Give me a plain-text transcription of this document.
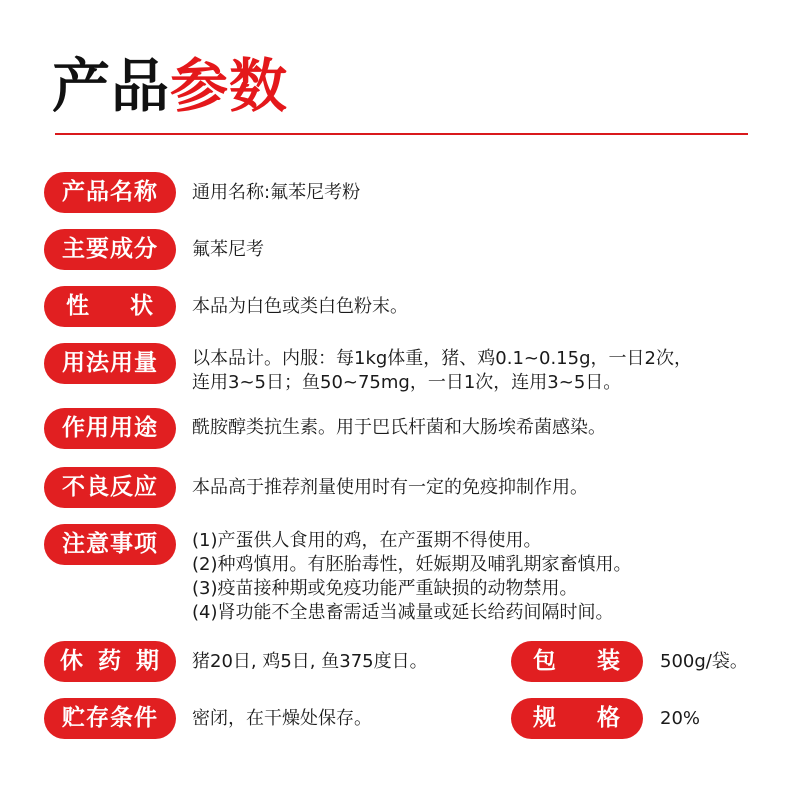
产品参数
产品名称	通用名称:氟苯尼考粉
主要成分	氟苯尼考
性 状 本品为白色或类白色粉末。
用法用量	以本品计。内服：每1kg体重，猪、鸡0.1~0.15g，一日2次，
连用3~5日；鱼50~75mg，一日1次，连用3~5日。
作用用途	酰胺醇类抗生素。用于巴氏杆菌和大肠埃希菌感染。
不良反应	本品高于推荐剂量使用时有一定的免疫抑制作用。
注意事项	(1)产蛋供人食用的鸡，在产蛋期不得使用。
(2)种鸡慎用。有胚胎毒性，妊娠期及哺乳期家畜慎用。
(3)疫苗接种期或免疫功能严重缺损的动物禁用。
(4)肾功能不全患畜需适当减量或延长给药间隔时间。
休 药 期 猪20日, 鸡5日, 鱼375度日。	包 装 500g/袋。
贮存条件	密闭，在干燥处保存。	规 格 20%
